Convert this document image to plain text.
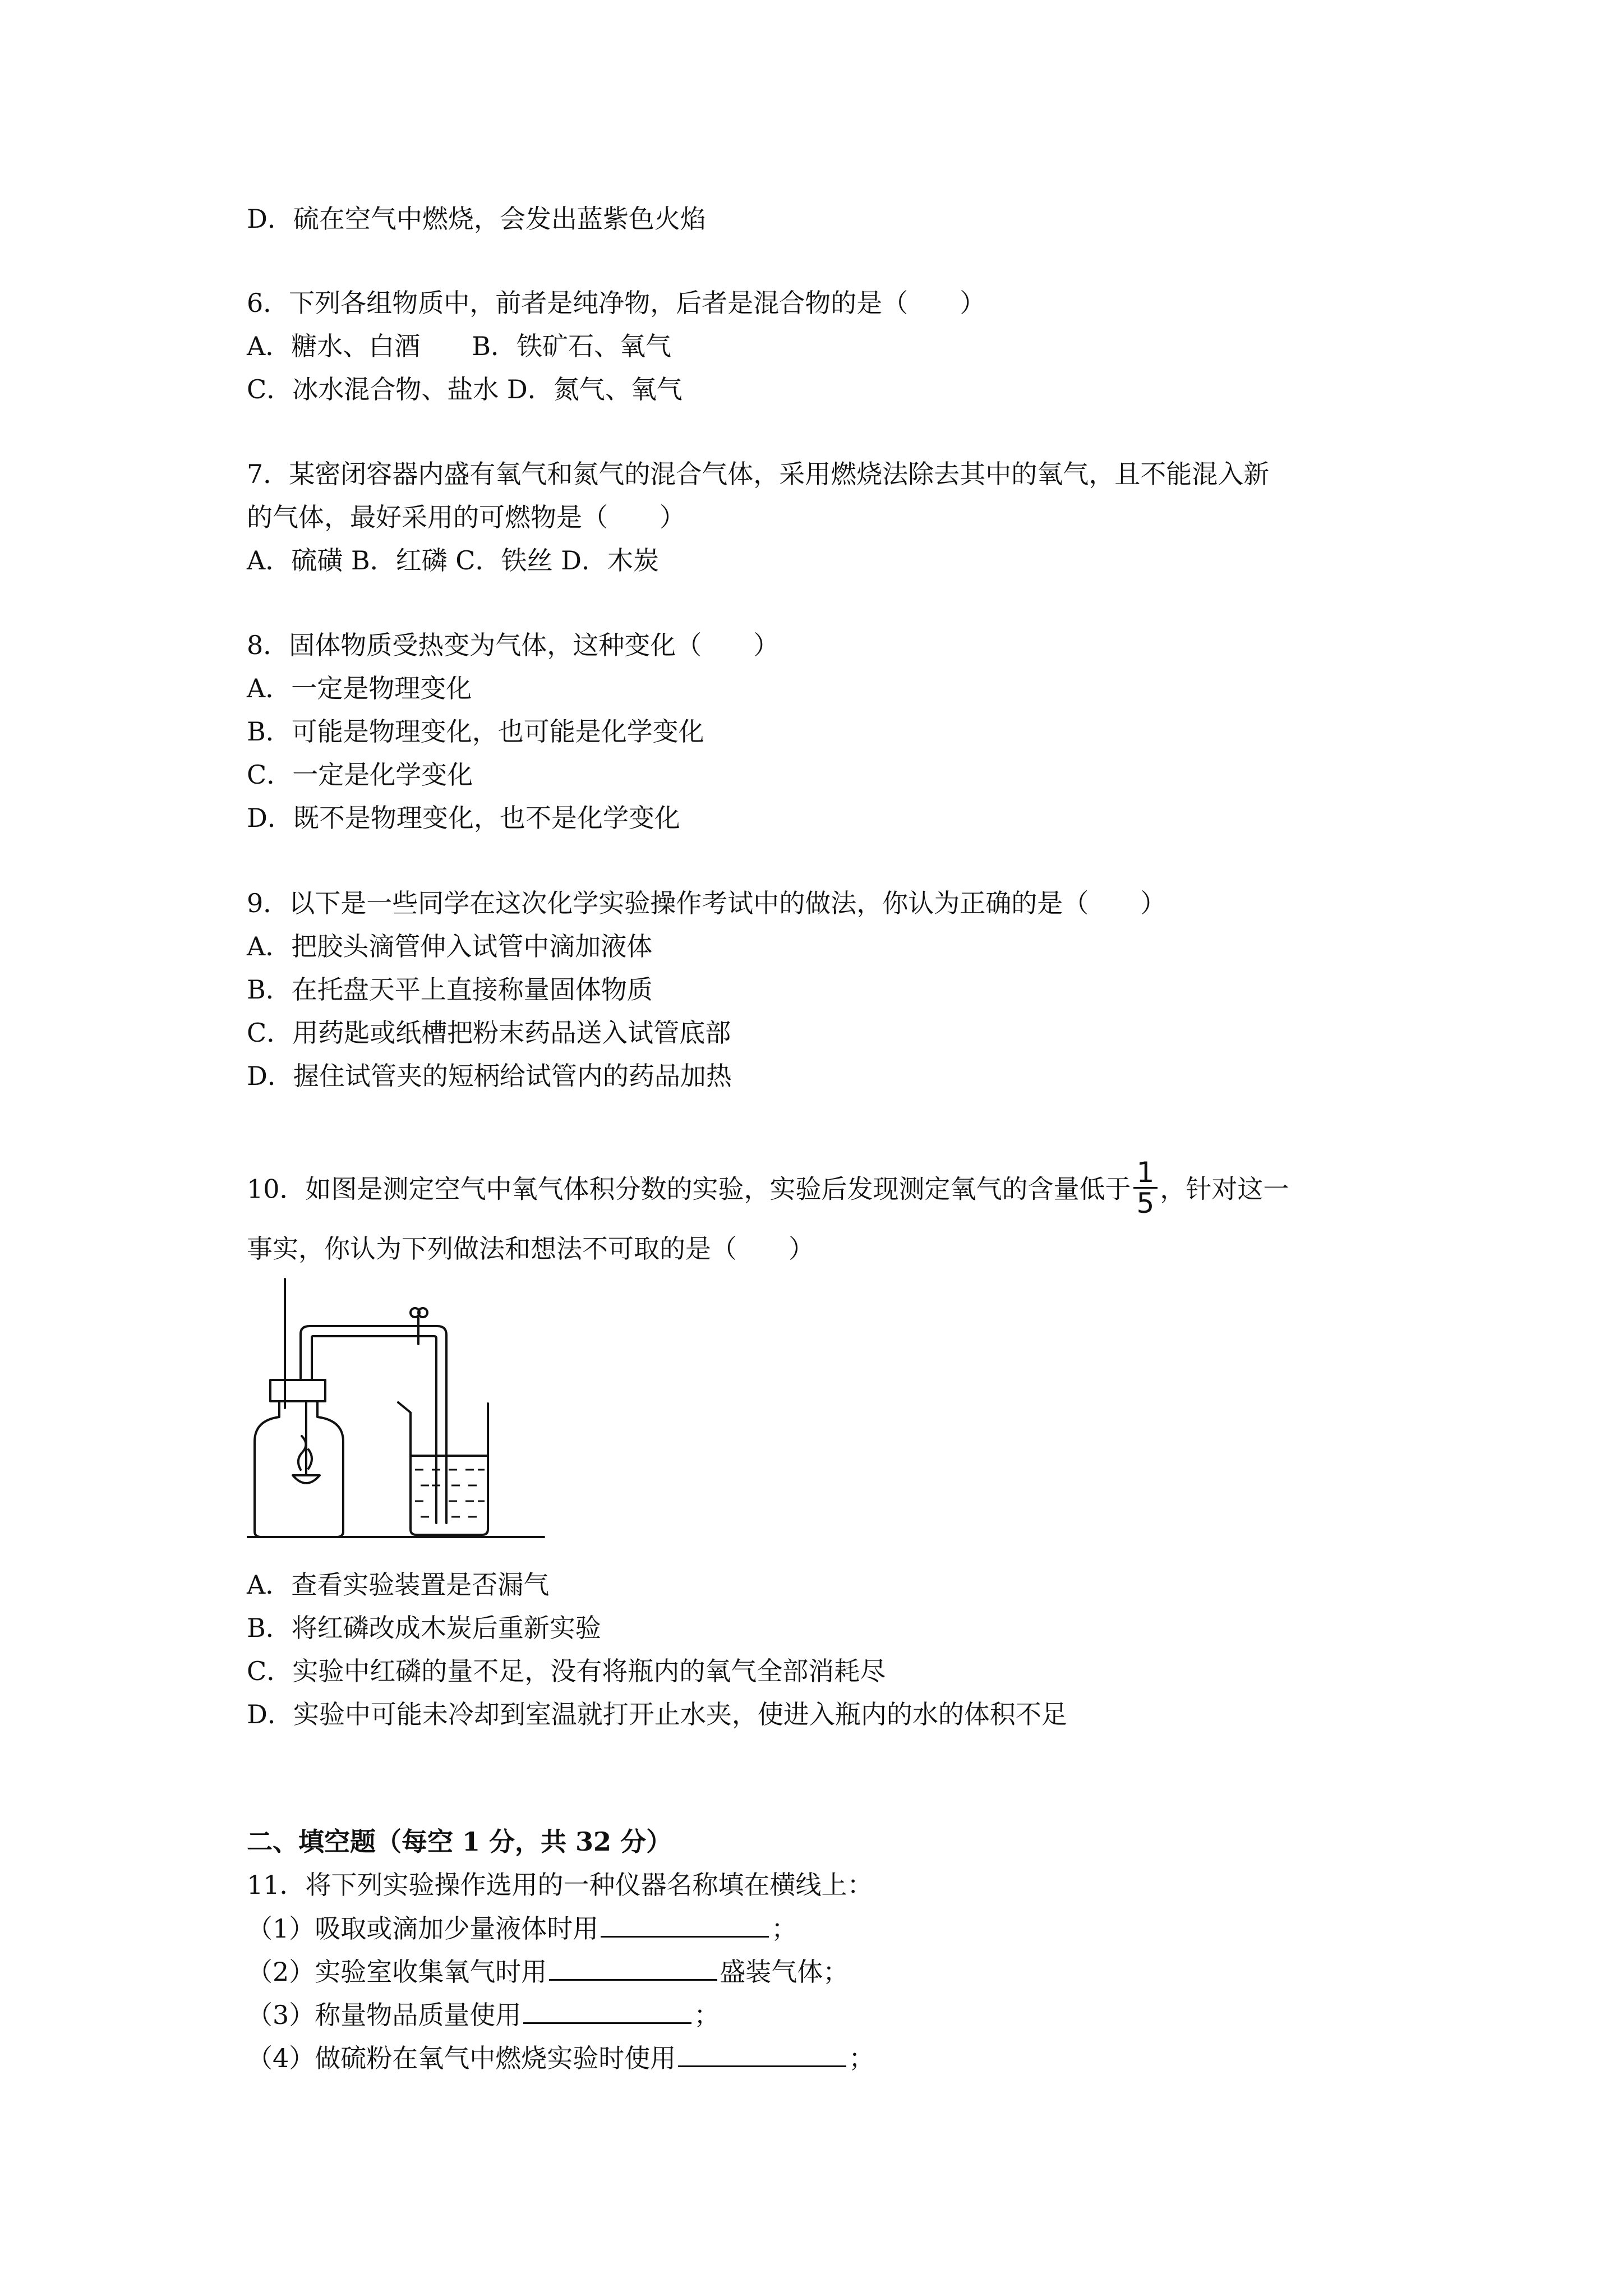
D．硫在空气中燃烧，会发出蓝紫色火焰
6．下列各组物质中，前者是纯净物，后者是混合物的是（　　）
A．糖水、白酒　　B．铁矿石、氧气
C．冰水混合物、盐水 D．氮气、氧气
7．某密闭容器内盛有氧气和氮气的混合气体，采用燃烧法除去其中的氧气，且不能混入新
的气体，最好采用的可燃物是（　　）
A．硫磺 B．红磷 C．铁丝 D．木炭
8．固体物质受热变为气体，这种变化（　　）
A．一定是物理变化
B．可能是物理变化，也可能是化学变化
C．一定是化学变化
D．既不是物理变化，也不是化学变化
9．以下是一些同学在这次化学实验操作考试中的做法，你认为正确的是（　　）
A．把胶头滴管伸入试管中滴加液体
B．在托盘天平上直接称量固体物质
C．用药匙或纸槽把粉末药品送入试管底部
D．握住试管夹的短柄给试管内的药品加热
10．如图是测定空气中氧气体积分数的实验，实验后发现测定氧气的含量低于 $\frac{1}{5}$ ，针对这一
事实，你认为下列做法和想法不可取的是（　　）
A．查看实验装置是否漏气
B．将红磷改成木炭后重新实验
C．实验中红磷的量不足，没有将瓶内的氧气全部消耗尽
D．实验中可能未冷却到室温就打开止水夹，使进入瓶内的水的体积不足
二、填空题（每空 1 分，共 32 分）
11．将下列实验操作选用的一种仪器名称填在横线上：
（1）吸取或滴加少量液体时用	；
（2）实验室收集氧气时用	盛装气体；
（3）称量物品质量使用	；
（4）做硫粉在氧气中燃烧实验时使用	；
